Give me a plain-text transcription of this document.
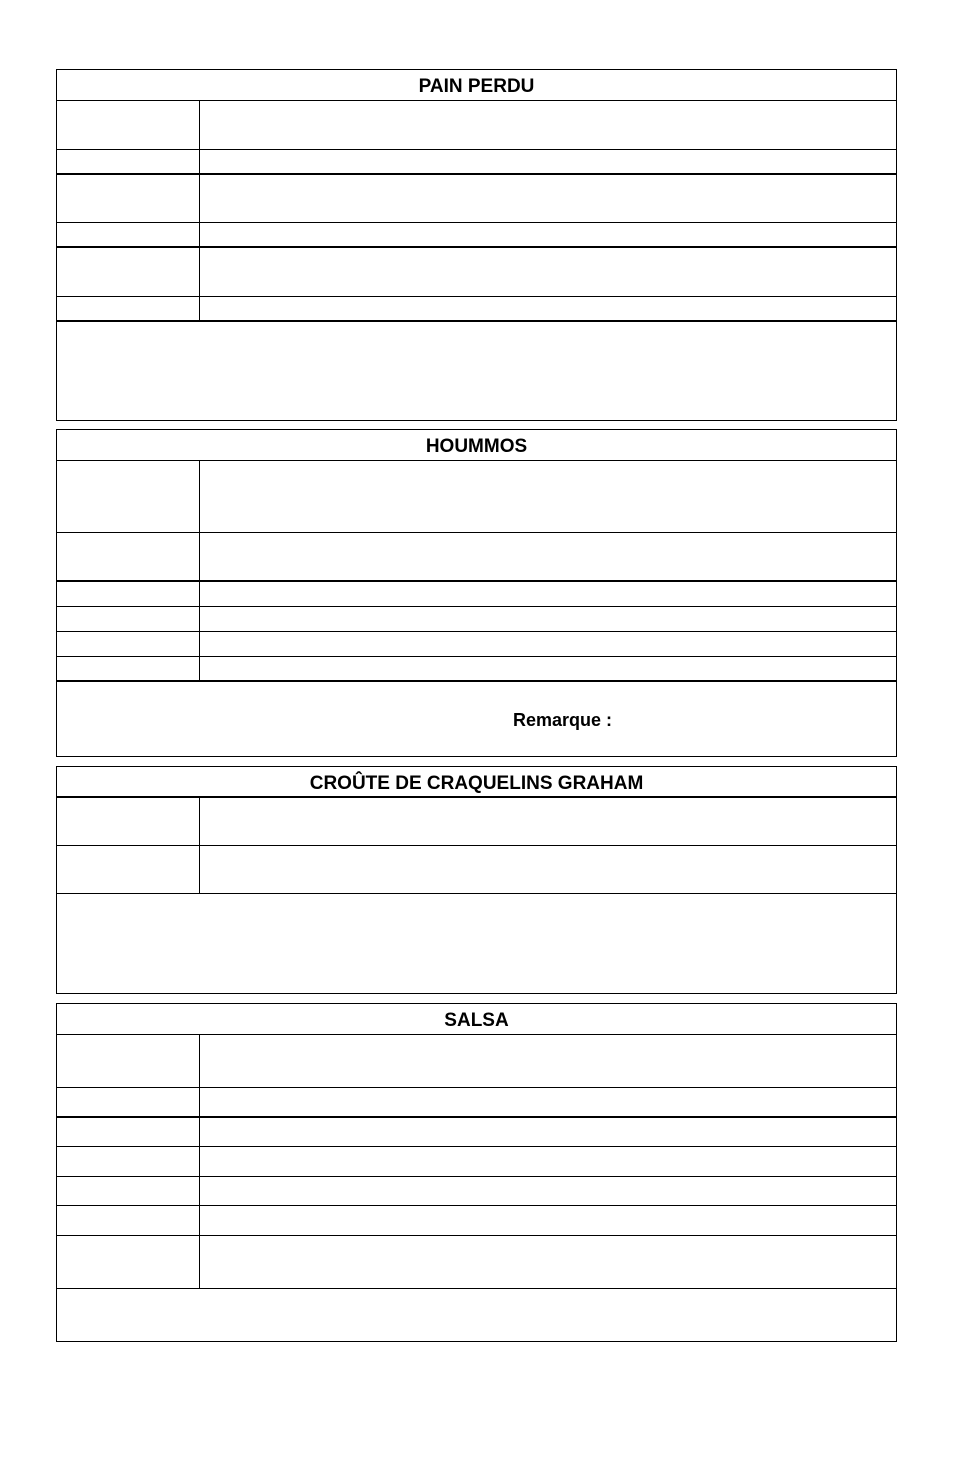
PAIN PERDU
HOUMMOS
Remarque :
CROÛTE DE CRAQUELINS GRAHAM
SALSA
